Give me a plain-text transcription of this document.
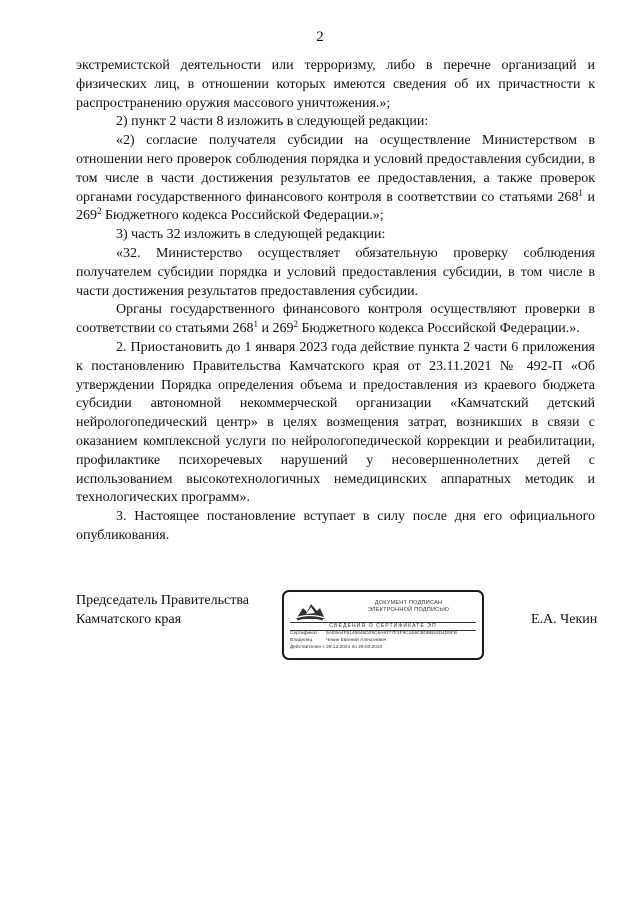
2

экстремистской деятельности или терроризму, либо в перечне организаций и физических лиц, в отношении которых имеются сведения об их причастности к распространению оружия массового уничтожения.»;

2) пункт 2 части 8 изложить в следующей редакции:

«2) согласие получателя субсидии на осуществление Министерством в отношении него проверок соблюдения порядка и условий предоставления субсидии, в том числе в части достижения результатов ее предоставления, а также проверок органами государственного финансового контроля в соответствии со статьями $268^1$ и $269^2$ Бюджетного кодекса Российской Федерации.»;

3) часть 32 изложить в следующей редакции:

«32. Министерство осуществляет обязательную проверку соблюдения получателем субсидии порядка и условий предоставления субсидии, в том числе в части достижения результатов предоставления субсидии.

Органы государственного финансового контроля осуществляют проверки в соответствии со статьями $268^1$ и $269^2$ Бюджетного кодекса Российской Федерации.».

2. Приостановить до 1 января 2023 года действие пункта 2 части 6 приложения к постановлению Правительства Камчатского края от 23.11.2021 № 492-П «Об утверждении Порядка определения объема и предоставления из краевого бюджета субсидии автономной некоммерческой организации «Камчатский детский нейрологопедический центр» в целях возмещения затрат, возникших в связи с оказанием комплексной услуги по нейрологопедической коррекции и реабилитации, профилактике психоречевых нарушений у несовершеннолетних детей с использованием высокотехнологичных немедицинских аппаратных методик и технологических программ».

3. Настоящее постановление вступает в силу после дня его официального опубликования.

Председатель Правительства
Камчатского края
ДОКУМЕНТ ПОДПИСАН
ЭЛЕКТРОННОЙ ПОДПИСЬЮ
СВЕДЕНИЯ О СЕРТИФИКАТЕ ЭП
Сертификат 5AE9A4F5149648D29C6A9777F2F9C1E6C8DBB52D4D5FB
Владелец	Чекин Евгений Алексеевич
Действителен с 29.12.2021 по 29.03.2023
Е.А. Чекин
